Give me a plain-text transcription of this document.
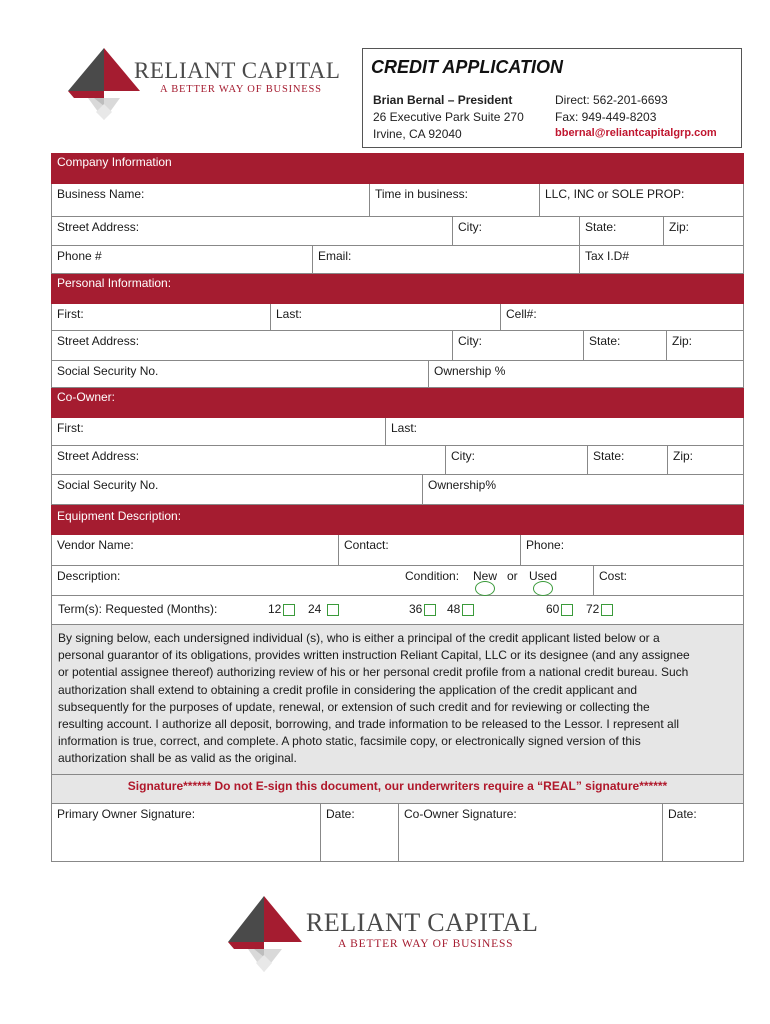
RELIANT CAPITAL
A BETTER WAY OF BUSINESS
CREDIT APPLICATION
Brian Bernal – President
26 Executive Park Suite 270
Irvine, CA 92040
Direct: 562-201-6693
Fax: 949-449-8203
bbernal@reliantcapitalgrp.com
Company Information
Business Name:	Time in business:	LLC, INC or SOLE PROP:
Street Address:	City:	State:	Zip:
Phone #	Email:	Tax I.D#
Personal Information:
First:	Last:	Cell#:
Street Address:	City:	State:	Zip:
Social Security No.	Ownership %
Co-Owner:
First:	Last:
Street Address:	City:	State:	Zip:
Social Security No.	Ownership%
Equipment Description:
Vendor Name:	Contact:	Phone:
Description:	Condition: New or Used	Cost:
Term(s): Requested (Months):	12	24	36	48	60	72
By signing below, each undersigned individual (s), who is either a principal of the credit applicant listed below or a
personal guarantor of its obligations, provides written instruction Reliant Capital, LLC or its designee (and any assignee
or potential assignee thereof) authorizing review of his or her personal credit profile from a national credit bureau. Such
authorization shall extend to obtaining a credit profile in considering the application of the credit applicant and
subsequently for the purposes of update, renewal, or extension of such credit and for reviewing or collecting the
resulting account. I authorize all deposit, borrowing, and trade information to be released to the Lessor. I represent all
information is true, correct, and complete. A photo static, facsimile copy, or electronically signed version of this
authorization shall be as valid as the original.
Signature****** Do not E-sign this document, our underwriters require a “REAL” signature******
Primary Owner Signature:	Date:	Co-Owner Signature:	Date:
RELIANT CAPITAL
A BETTER WAY OF BUSINESS
